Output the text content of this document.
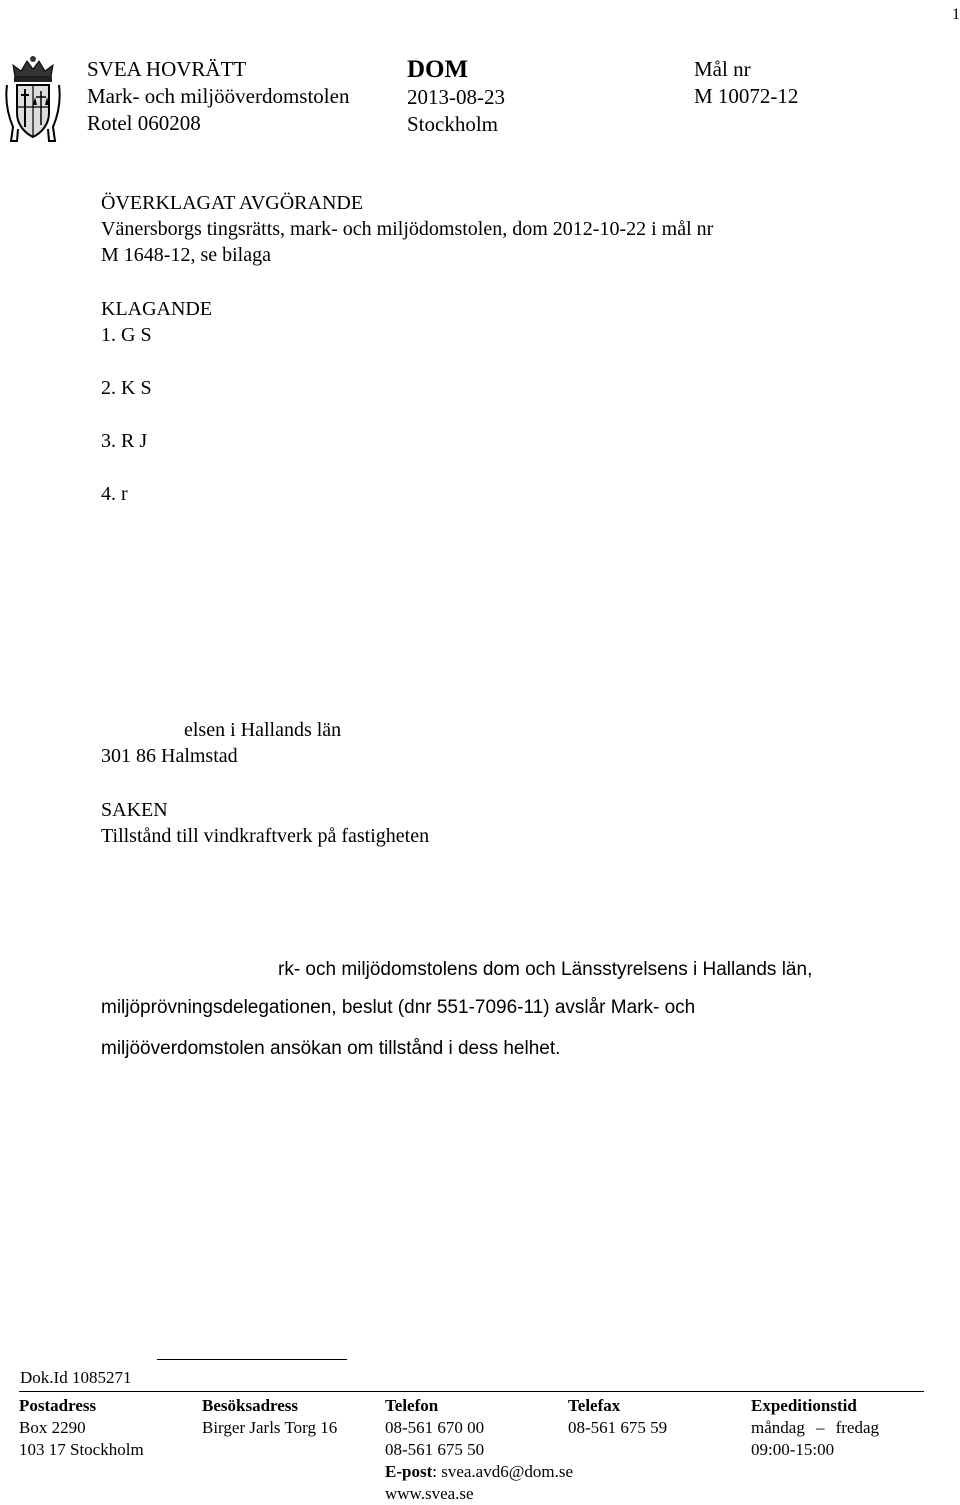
1
SVEA HOVRÄTT
Mark- och miljööverdomstolen
Rotel 060208
DOM
2013-08-23
Stockholm
Mål nr
M 10072-12
ÖVERKLAGAT AVGÖRANDE
Vänersborgs tingsrätts, mark- och miljödomstolen, dom 2012-10-22 i mål nr
M 1648-12, se bilaga
KLAGANDE
1. G S
2. K S
3. R J
4. r
elsen i Hallands län
301 86 Halmstad
SAKEN
Tillstånd till vindkraftverk på fastigheten
rk- och miljödomstolens dom och Länsstyrelsens i Hallands län,
miljöprövningsdelegationen, beslut (dnr 551-7096-11) avslår Mark- och
miljööverdomstolen ansökan om tillstånd i dess helhet.
Dok.Id 1085271
Postadress
Box 2290
103 17 Stockholm
Besöksadress
Birger Jarls Torg 16
Telefon
08-561 670 00
08-561 675 50
E-post: svea.avd6@dom.se
www.svea.se
Telefax
08-561 675 59
Expeditionstid
måndag – fredag
09:00-15:00
